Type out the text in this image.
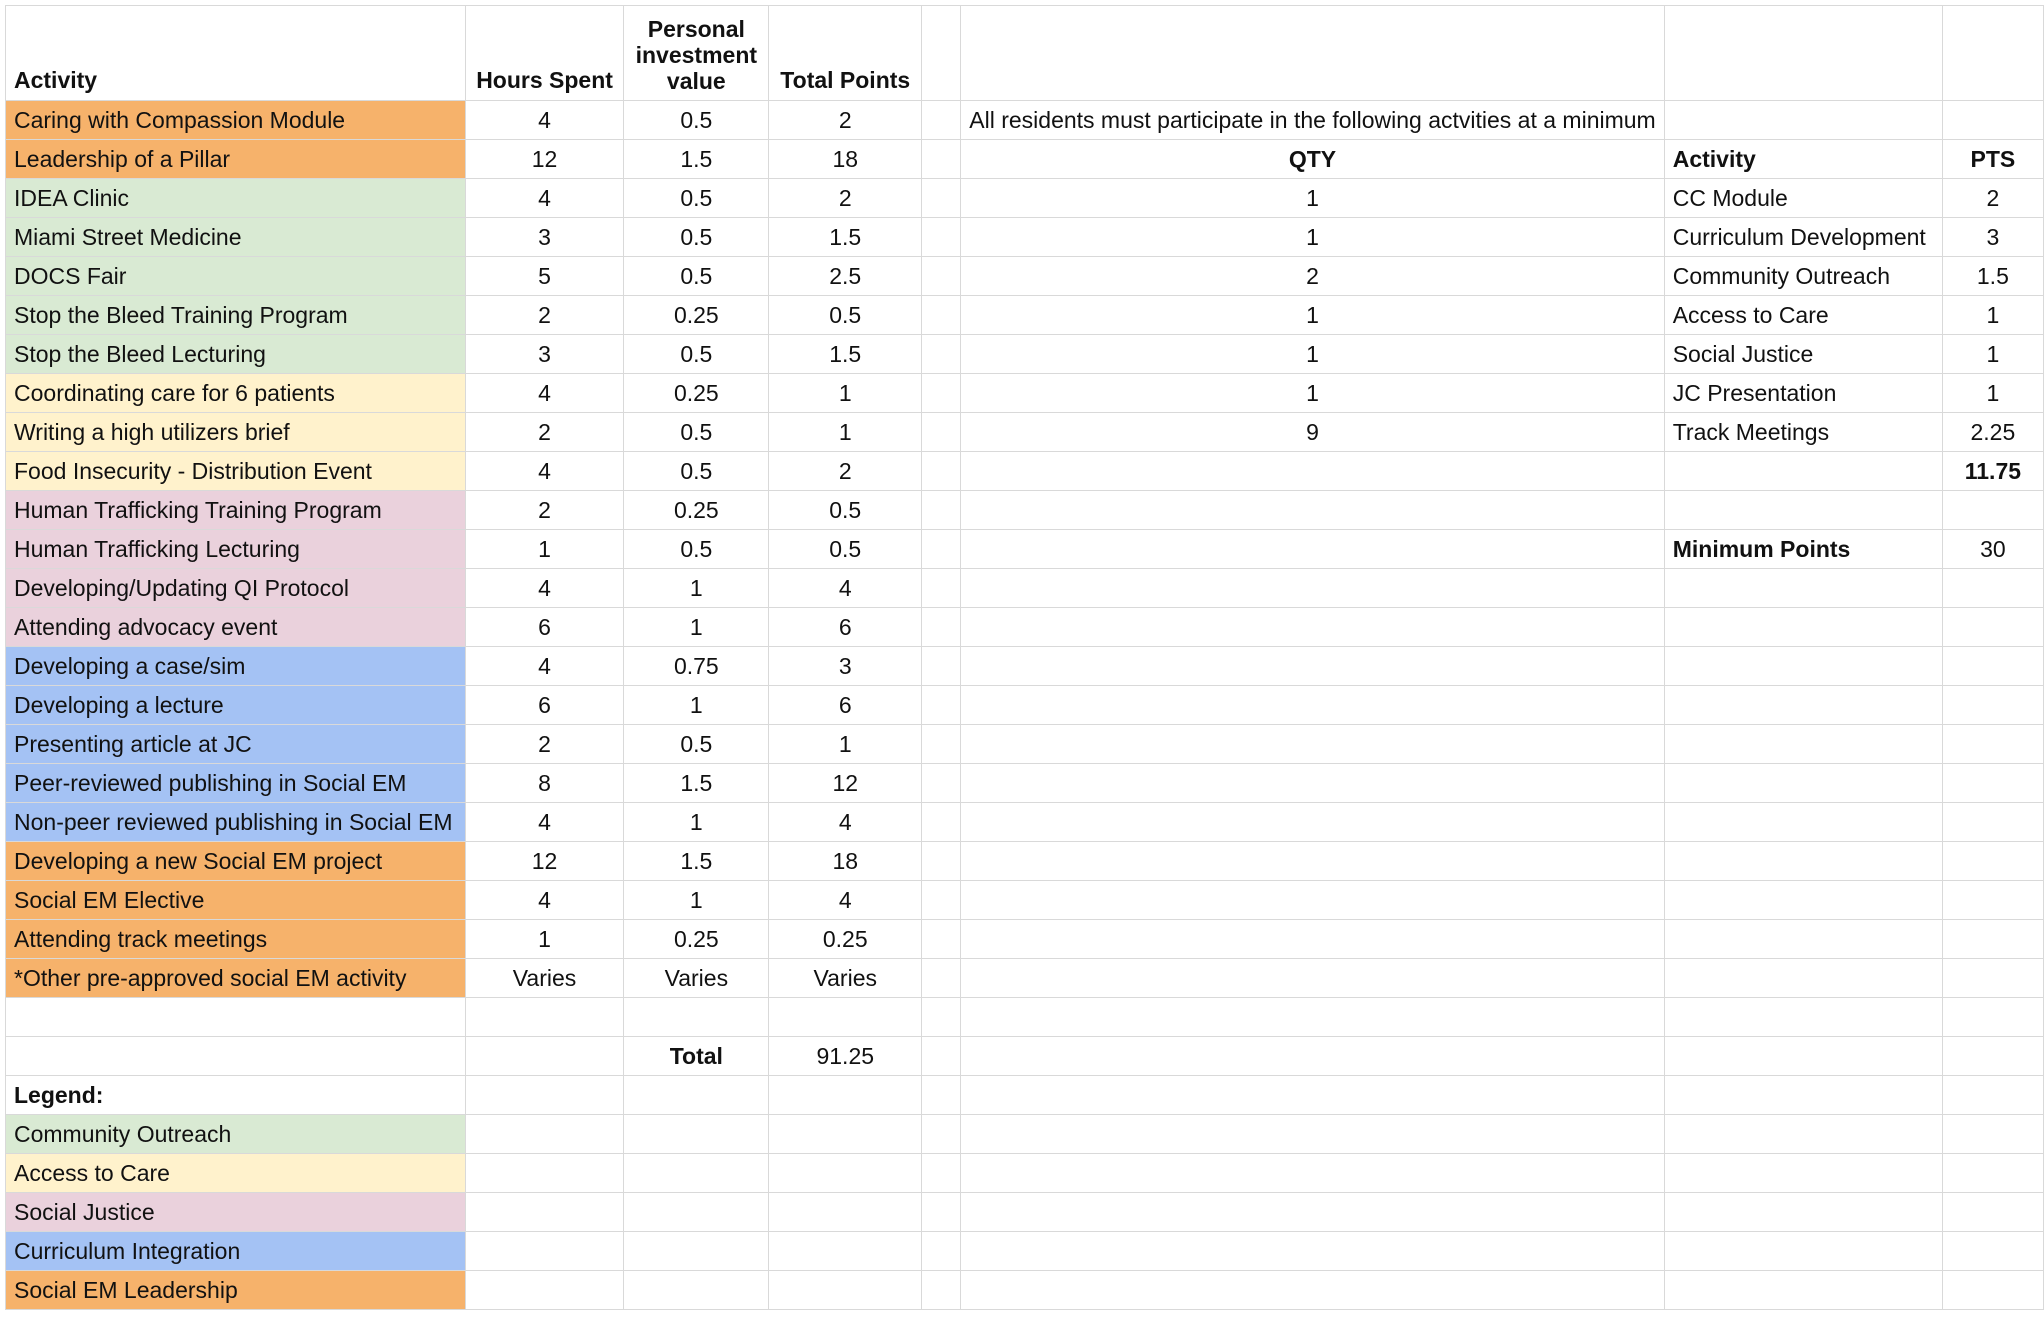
Activity	Hours Spent	Personal investment value	Total Points				
Caring with Compassion Module	4	0.5	2		All residents must participate in the following actvities at a minimum		
Leadership of a Pillar	12	1.5	18		QTY	Activity	PTS
IDEA Clinic	4	0.5	2		1	CC Module	2
Miami Street Medicine	3	0.5	1.5		1	Curriculum Development	3
DOCS Fair	5	0.5	2.5		2	Community Outreach	1.5
Stop the Bleed Training Program	2	0.25	0.5		1	Access to Care	1
Stop the Bleed Lecturing	3	0.5	1.5		1	Social Justice	1
Coordinating care for 6 patients	4	0.25	1		1	JC Presentation	1
Writing a high utilizers brief	2	0.5	1		9	Track Meetings	2.25
Food Insecurity - Distribution Event	4	0.5	2				11.75
Human Trafficking Training Program	2	0.25	0.5				
Human Trafficking Lecturing	1	0.5	0.5			Minimum Points	30
Developing/Updating QI Protocol	4	1	4				
Attending advocacy event	6	1	6				
Developing a case/sim	4	0.75	3				
Developing a lecture	6	1	6				
Presenting article at JC	2	0.5	1				
Peer-reviewed publishing in Social EM	8	1.5	12				
Non-peer reviewed publishing in Social EM	4	1	4				
Developing a new Social EM project	12	1.5	18				
Social EM Elective	4	1	4				
Attending track meetings	1	0.25	0.25				
*Other pre-approved social EM activity	Varies	Varies	Varies				

		Total	91.25				
Legend:							
Community Outreach							
Access to Care							
Social Justice							
Curriculum Integration							
Social EM Leadership							
